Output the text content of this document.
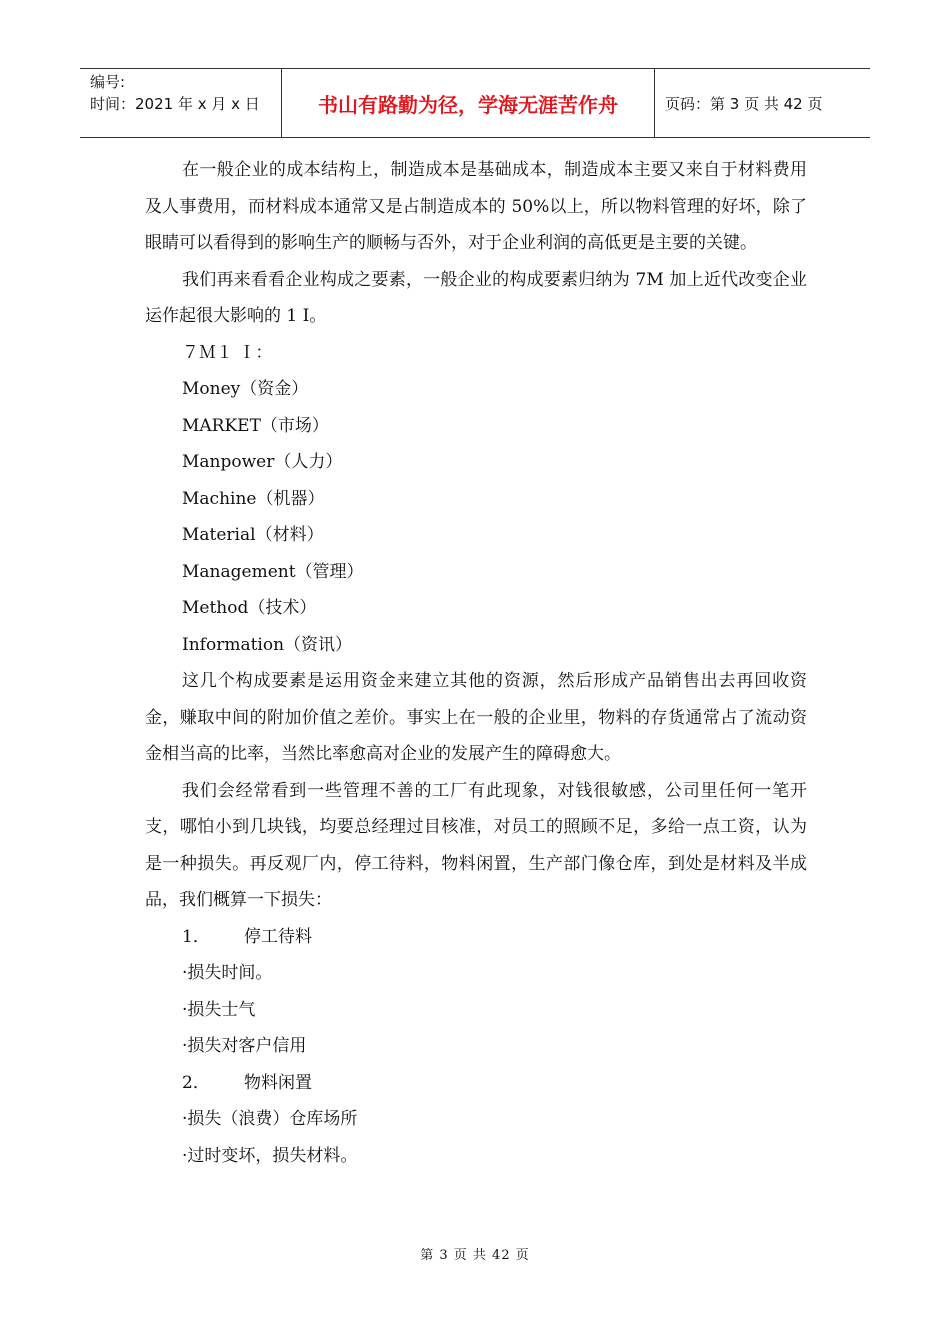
编号:
时间：2021 年 x 月 x 日	书山有路勤为径，学海无涯苦作舟	页码：第 3 页 共 42 页

在一般企业的成本结构上，制造成本是基础成本，制造成本主要又来自于材料费用及人事费用，而材料成本通常又是占制造成本的 50%以上，所以物料管理的好坏，除了眼睛可以看得到的影响生产的顺畅与否外，对于企业利润的高低更是主要的关键。

我们再来看看企业构成之要素，一般企业的构成要素归纳为 7M 加上近代改变企业运作起很大影响的 1 I。

７Ｍ１ Ｉ：

Money（资金）

MARKET（市场）

Manpower（人力）

Machine（机器）

Material（材料）

Management（管理）

Method（技术）

Information（资讯）

这几个构成要素是运用资金来建立其他的资源，然后形成产品销售出去再回收资金，赚取中间的附加价值之差价。事实上在一般的企业里，物料的存货通常占了流动资金相当高的比率，当然比率愈高对企业的发展产生的障碍愈大。

我们会经常看到一些管理不善的工厂有此现象，对钱很敏感，公司里任何一笔开支，哪怕小到几块钱，均要总经理过目核准，对员工的照顾不足，多给一点工资，认为是一种损失。再反观厂内，停工待料，物料闲置，生产部门像仓库，到处是材料及半成品，我们概算一下损失：

1． 停工待料

·损失时间。

·损失士气

·损失对客户信用

2． 物料闲置

·损失（浪费）仓库场所

·过时变坏，损失材料。

第 3 页 共 42 页
